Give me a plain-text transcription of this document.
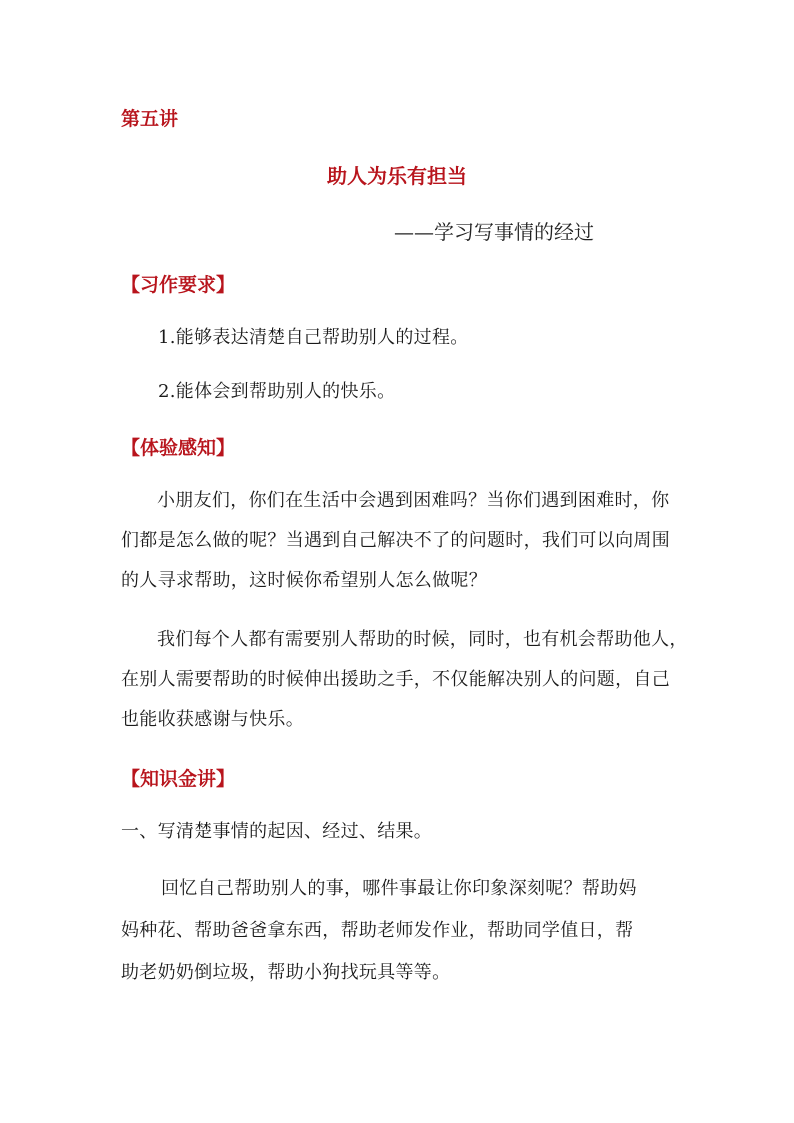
第五讲
助人为乐有担当
——学习写事情的经过
【习作要求】
1.能够表达清楚自己帮助别人的过程。
2.能体会到帮助别人的快乐。
【体验感知】
小朋友们，你们在生活中会遇到困难吗？当你们遇到困难时，你
们都是怎么做的呢？当遇到自己解决不了的问题时，我们可以向周围
的人寻求帮助，这时候你希望别人怎么做呢？
我们每个人都有需要别人帮助的时候，同时，也有机会帮助他人，
在别人需要帮助的时候伸出援助之手，不仅能解决别人的问题，自己
也能收获感谢与快乐。
【知识金讲】
一、写清楚事情的起因、经过、结果。
回忆自己帮助别人的事，哪件事最让你印象深刻呢？帮助妈
妈种花、帮助爸爸拿东西，帮助老师发作业，帮助同学值日，帮
助老奶奶倒垃圾，帮助小狗找玩具等等。
